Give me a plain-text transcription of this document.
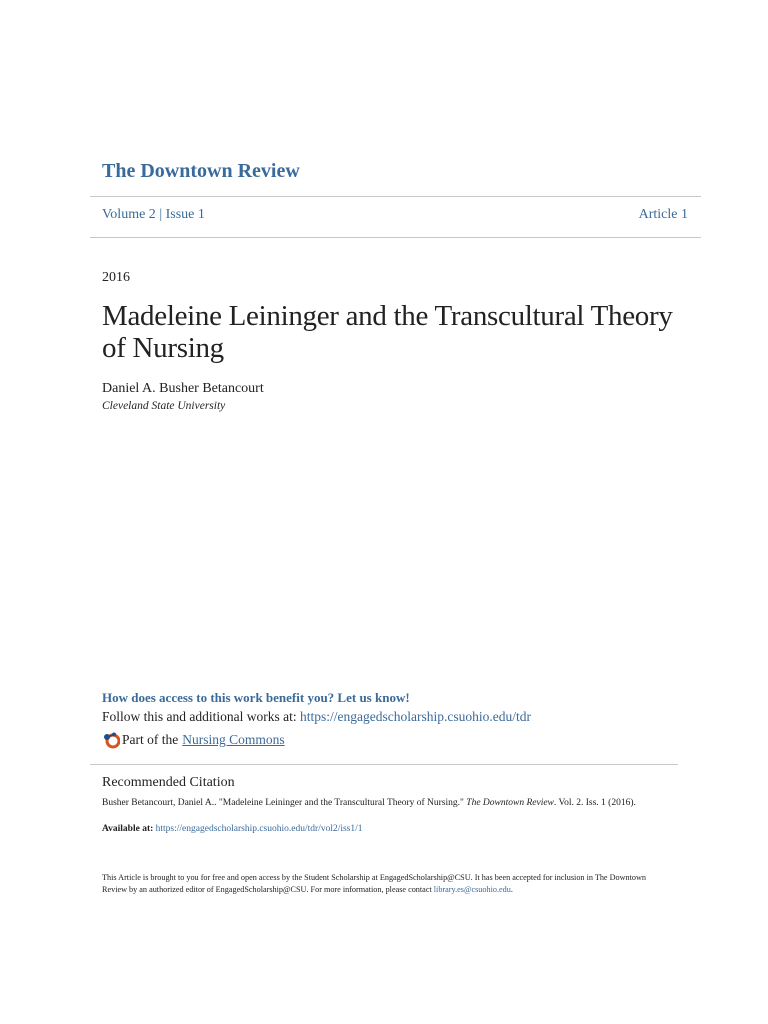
The Downtown Review
Volume 2 | Issue 1	Article 1
2016
Madeleine Leininger and the Transcultural Theory of Nursing
Daniel A. Busher Betancourt
Cleveland State University
How does access to this work benefit you? Let us know!
Follow this and additional works at: https://engagedscholarship.csuohio.edu/tdr
Part of the Nursing Commons
Recommended Citation
Busher Betancourt, Daniel A.. "Madeleine Leininger and the Transcultural Theory of Nursing." The Downtown Review. Vol. 2. Iss. 1 (2016).
Available at: https://engagedscholarship.csuohio.edu/tdr/vol2/iss1/1
This Article is brought to you for free and open access by the Student Scholarship at EngagedScholarship@CSU. It has been accepted for inclusion in The Downtown Review by an authorized editor of EngagedScholarship@CSU. For more information, please contact library.es@csuohio.edu.
